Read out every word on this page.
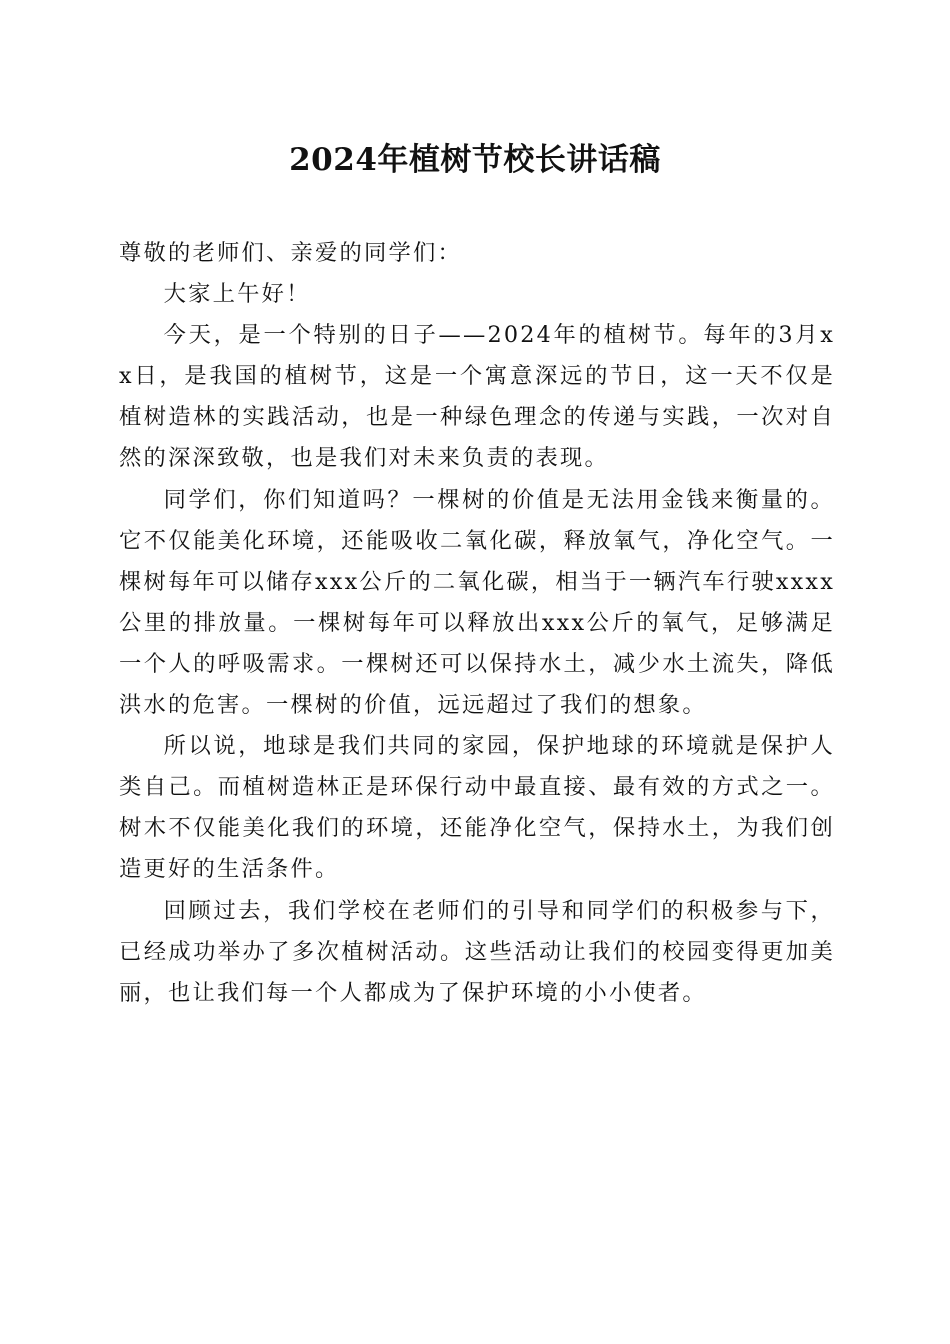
2024年植树节校长讲话稿

尊敬的老师们、亲爱的同学们：

大家上午好！

今天，是一个特别的日子——2024年的植树节。每年的3月xx日，是我国的植树节，这是一个寓意深远的节日，这一天不仅是植树造林的实践活动，也是一种绿色理念的传递与实践，一次对自然的深深致敬，也是我们对未来负责的表现。

同学们，你们知道吗？一棵树的价值是无法用金钱来衡量的。它不仅能美化环境，还能吸收二氧化碳，释放氧气，净化空气。一棵树每年可以储存xxx公斤的二氧化碳，相当于一辆汽车行驶xxxx公里的排放量。一棵树每年可以释放出xxx公斤的氧气，足够满足一个人的呼吸需求。一棵树还可以保持水土，减少水土流失，降低洪水的危害。一棵树的价值，远远超过了我们的想象。

所以说，地球是我们共同的家园，保护地球的环境就是保护人类自己。而植树造林正是环保行动中最直接、最有效的方式之一。树木不仅能美化我们的环境，还能净化空气，保持水土，为我们创造更好的生活条件。

回顾过去，我们学校在老师们的引导和同学们的积极参与下，已经成功举办了多次植树活动。这些活动让我们的校园变得更加美丽，也让我们每一个人都成为了保护环境的小小使者。
